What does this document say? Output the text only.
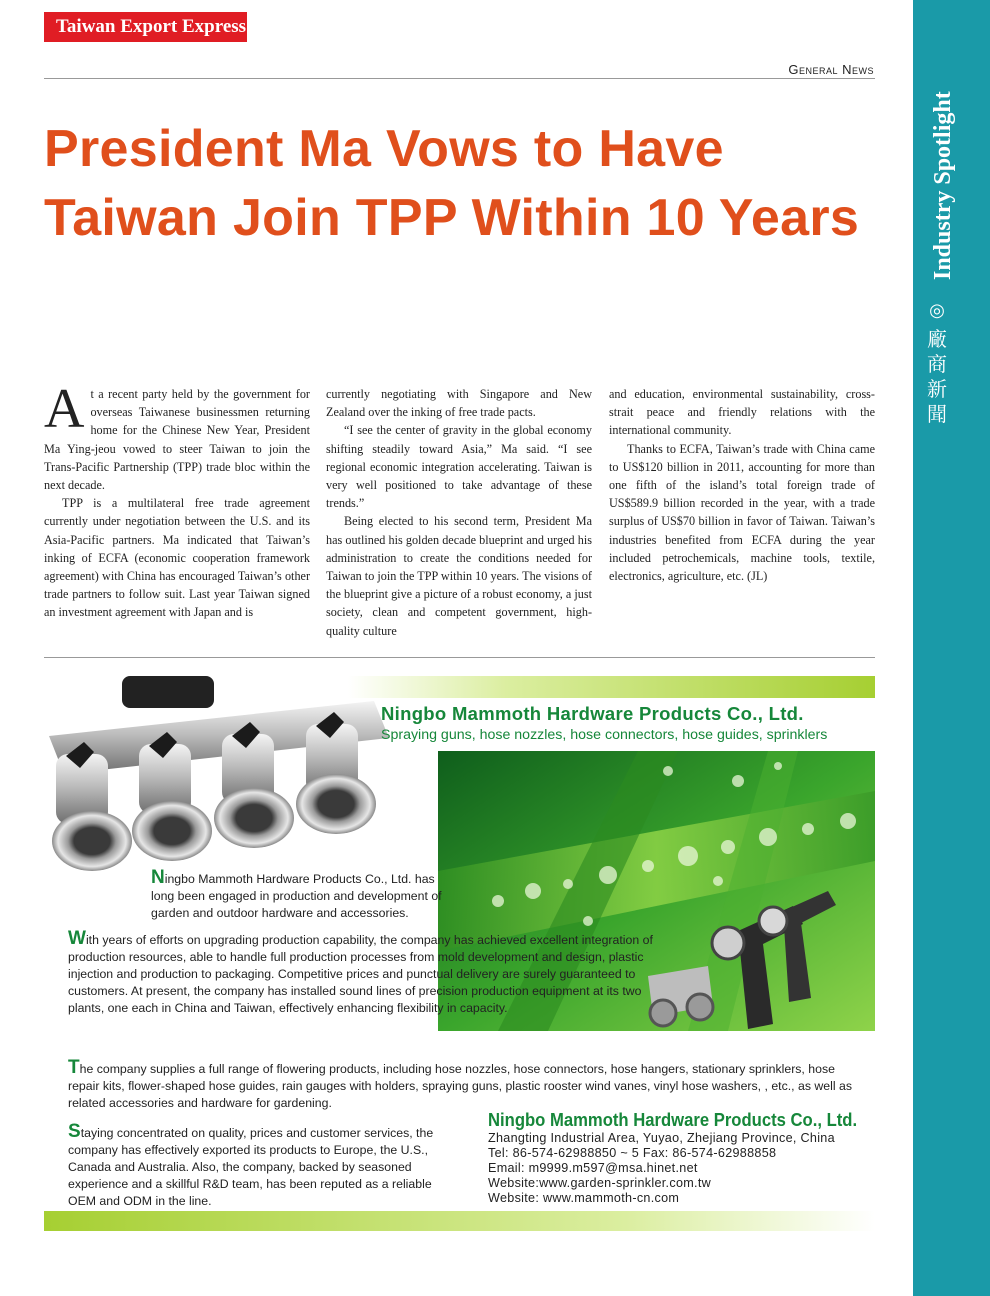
Taiwan Export Express
General News
Industry Spotlight
◎
廠
商
新
聞
President Ma Vows to Have Taiwan Join TPP Within 10 Years

At a recent party held by the government for overseas Taiwanese businessmen returning home for the Chinese New Year, President Ma Ying-jeou vowed to steer Taiwan to join the Trans-Pacific Partnership (TPP) trade bloc within the next decade.

TPP is a multilateral free trade agreement currently under negotiation between the U.S. and its Asia-Pacific partners. Ma indicated that Taiwan’s inking of ECFA (economic cooperation framework agreement) with China has encouraged Taiwan’s other trade partners to follow suit. Last year Taiwan signed an investment agreement with Japan and is

currently negotiating with Singapore and New Zealand over the inking of free trade pacts.

“I see the center of gravity in the global economy shifting steadily toward Asia,” Ma said. “I see regional economic integration accelerating. Taiwan is very well positioned to take advantage of these trends.”

Being elected to his second term, President Ma has outlined his golden decade blueprint and urged his administration to create the conditions needed for Taiwan to join the TPP within 10 years. The visions of the blueprint give a picture of a robust economy, a just society, clean and competent government, high-quality culture

and education, environmental sustainability, cross-strait peace and friendly relations with the international community.

Thanks to ECFA, Taiwan’s trade with China came to US$120 billion in 2011, accounting for more than one fifth of the island’s total foreign trade of US$589.9 billion recorded in the year, with a trade surplus of US$70 billion in favor of Taiwan. Taiwan’s industries benefited from ECFA during the year included petrochemicals, machine tools, textile, electronics, agriculture, etc. (JL)

Ningbo Mammoth Hardware Products Co., Ltd.
Spraying guns, hose nozzles, hose connectors, hose guides, sprinklers
Ningbo Mammoth Hardware Products Co., Ltd. has long been engaged in production and development of garden and outdoor hardware and accessories.
With years of efforts on upgrading production capability, the company has achieved excellent integration of production resources, able to handle full production processes from mold development and design, plastic injection and production to packaging. Competitive prices and punctual delivery are surely guaranteed to customers. At present, the company has installed sound lines of precision production equipment at its two plants, one each in China and Taiwan, effectively enhancing flexibility in capacity.
The company supplies a full range of flowering products, including hose nozzles, hose connectors, hose hangers, stationary sprinklers, hose repair kits, flower-shaped hose guides, rain gauges with holders, spraying guns, plastic rooster wind vanes, vinyl hose washers, , etc., as well as related accessories and hardware for gardening.
Staying concentrated on quality, prices and customer services, the company has effectively exported its products to Europe, the U.S., Canada and Australia. Also, the company, backed by seasoned experience and a skillful R&D team, has been reputed as a reliable OEM and ODM in the line.
Ningbo Mammoth Hardware Products Co., Ltd.
Zhangting Industrial Area, Yuyao, Zhejiang Province, China
Tel: 86-574-62988850 ~ 5 Fax: 86-574-62988858
Email: m9999.m597@msa.hinet.net
Website:www.garden-sprinkler.com.tw
Website: www.mammoth-cn.com
